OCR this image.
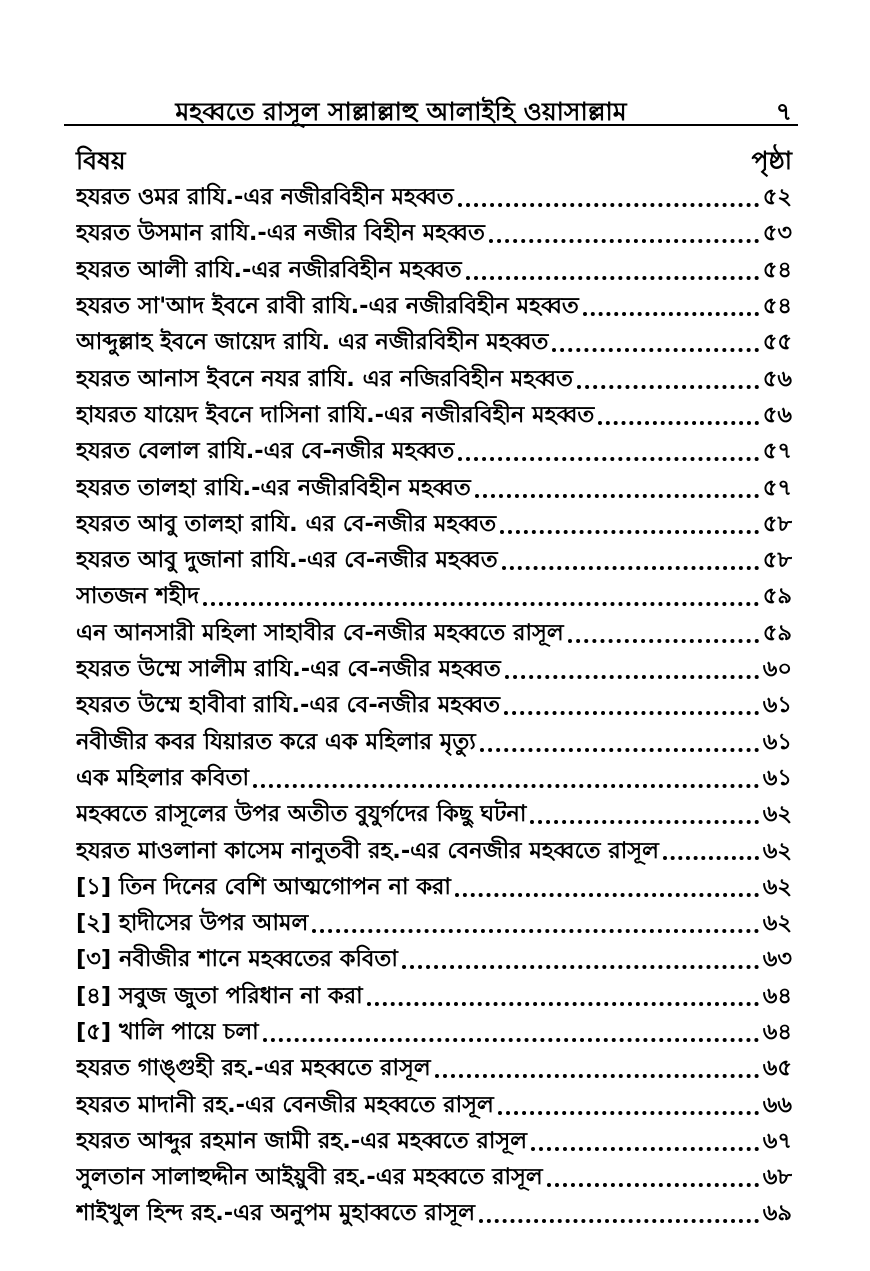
মহব্বতে রাসূল সাল্লাল্লাহু আলাইহি ওয়াসাল্লাম	৭
বিষয়	পৃষ্ঠা
হযরত ওমর রাযি.-এর নজীরবিহীন মহব্বত	৫২
হযরত উসমান রাযি.-এর নজীর বিহীন মহব্বত	৫৩
হযরত আলী রাযি.-এর নজীরবিহীন মহব্বত	৫৪
হযরত সা'আদ ইবনে রাবী রাযি.-এর নজীরবিহীন মহব্বত	৫৪
আব্দুল্লাহ ইবনে জায়েদ রাযি. এর নজীরবিহীন মহব্বত	৫৫
হযরত আনাস ইবনে নযর রাযি. এর নজিরবিহীন মহব্বত	৫৬
হাযরত যায়েদ ইবনে দাসিনা রাযি.-এর নজীরবিহীন মহব্বত	৫৬
হযরত বেলাল রাযি.-এর বে-নজীর মহব্বত	৫৭
হযরত তালহা রাযি.-এর নজীরবিহীন মহব্বত	৫৭
হযরত আবু তালহা রাযি. এর বে-নজীর মহব্বত	৫৮
হযরত আবু দুজানা রাযি.-এর বে-নজীর মহব্বত	৫৮
সাতজন শহীদ	৫৯
এন আনসারী মহিলা সাহাবীর বে-নজীর মহব্বতে রাসূল	৫৯
হযরত উম্মে সালীম রাযি.-এর বে-নজীর মহব্বত	৬০
হযরত উম্মে হাবীবা রাযি.-এর বে-নজীর মহব্বত	৬১
নবীজীর কবর যিয়ারত করে এক মহিলার মৃত্যু	৬১
এক মহিলার কবিতা	৬১
মহব্বতে রাসূলের উপর অতীত বুযুর্গদের কিছু ঘটনা	৬২
হযরত মাওলানা কাসেম নানুতবী রহ.-এর বেনজীর মহব্বতে রাসূল	৬২
[১] তিন দিনের বেশি আত্মগোপন না করা	৬২
[২] হাদীসের উপর আমল	৬২
[৩] নবীজীর শানে মহব্বতের কবিতা	৬৩
[৪] সবুজ জুতা পরিধান না করা	৬৪
[৫] খালি পায়ে চলা	৬৪
হযরত গাঙ্গুহী রহ.-এর মহব্বতে রাসূল	৬৫
হযরত মাদানী রহ.-এর বেনজীর মহব্বতে রাসূল	৬৬
হযরত আব্দুর রহমান জামী রহ.-এর মহব্বতে রাসূল	৬৭
সুলতান সালাহুদ্দীন আইয়ুবী রহ.-এর মহব্বতে রাসূল	৬৮
শাইখুল হিন্দ রহ.-এর অনুপম মুহাব্বতে রাসূল	৬৯
